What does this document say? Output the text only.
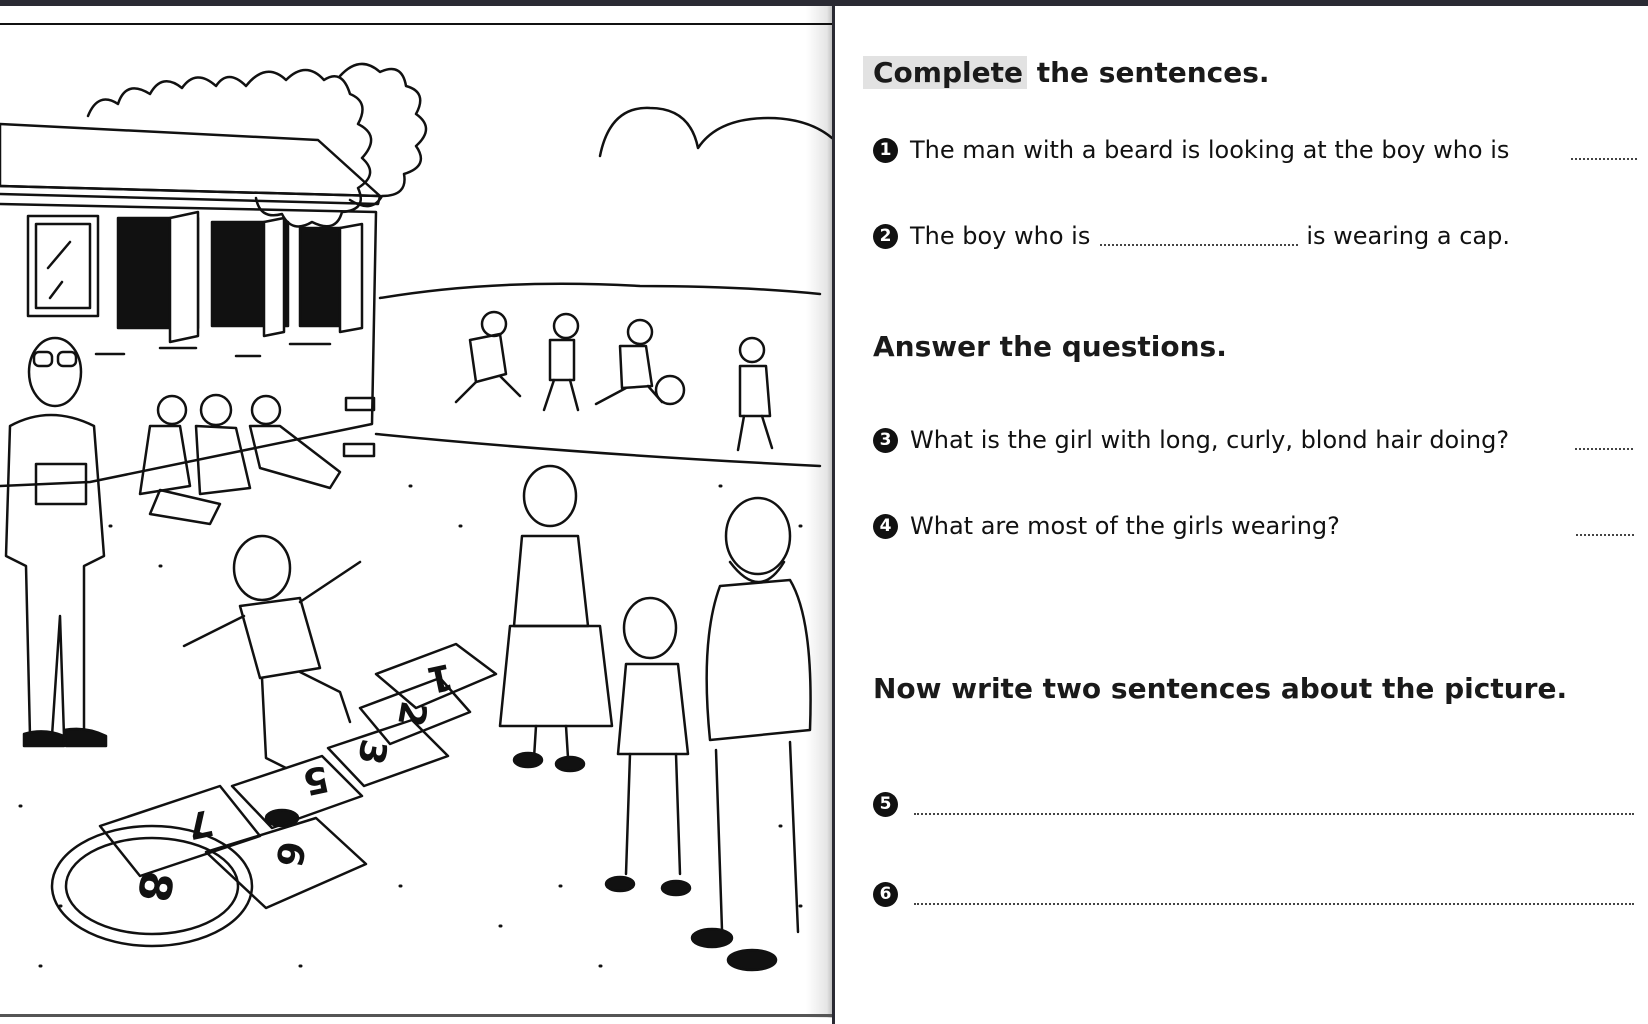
1
2
3
5
7
6
8
Complete the sentences.
1 The man with a beard is looking at the boy who is
2 The boy who is	is wearing a cap.
Answer the questions.
3 What is the girl with long, curly, blond hair doing?
4 What are most of the girls wearing?
Now write two sentences about the picture.
5
6
